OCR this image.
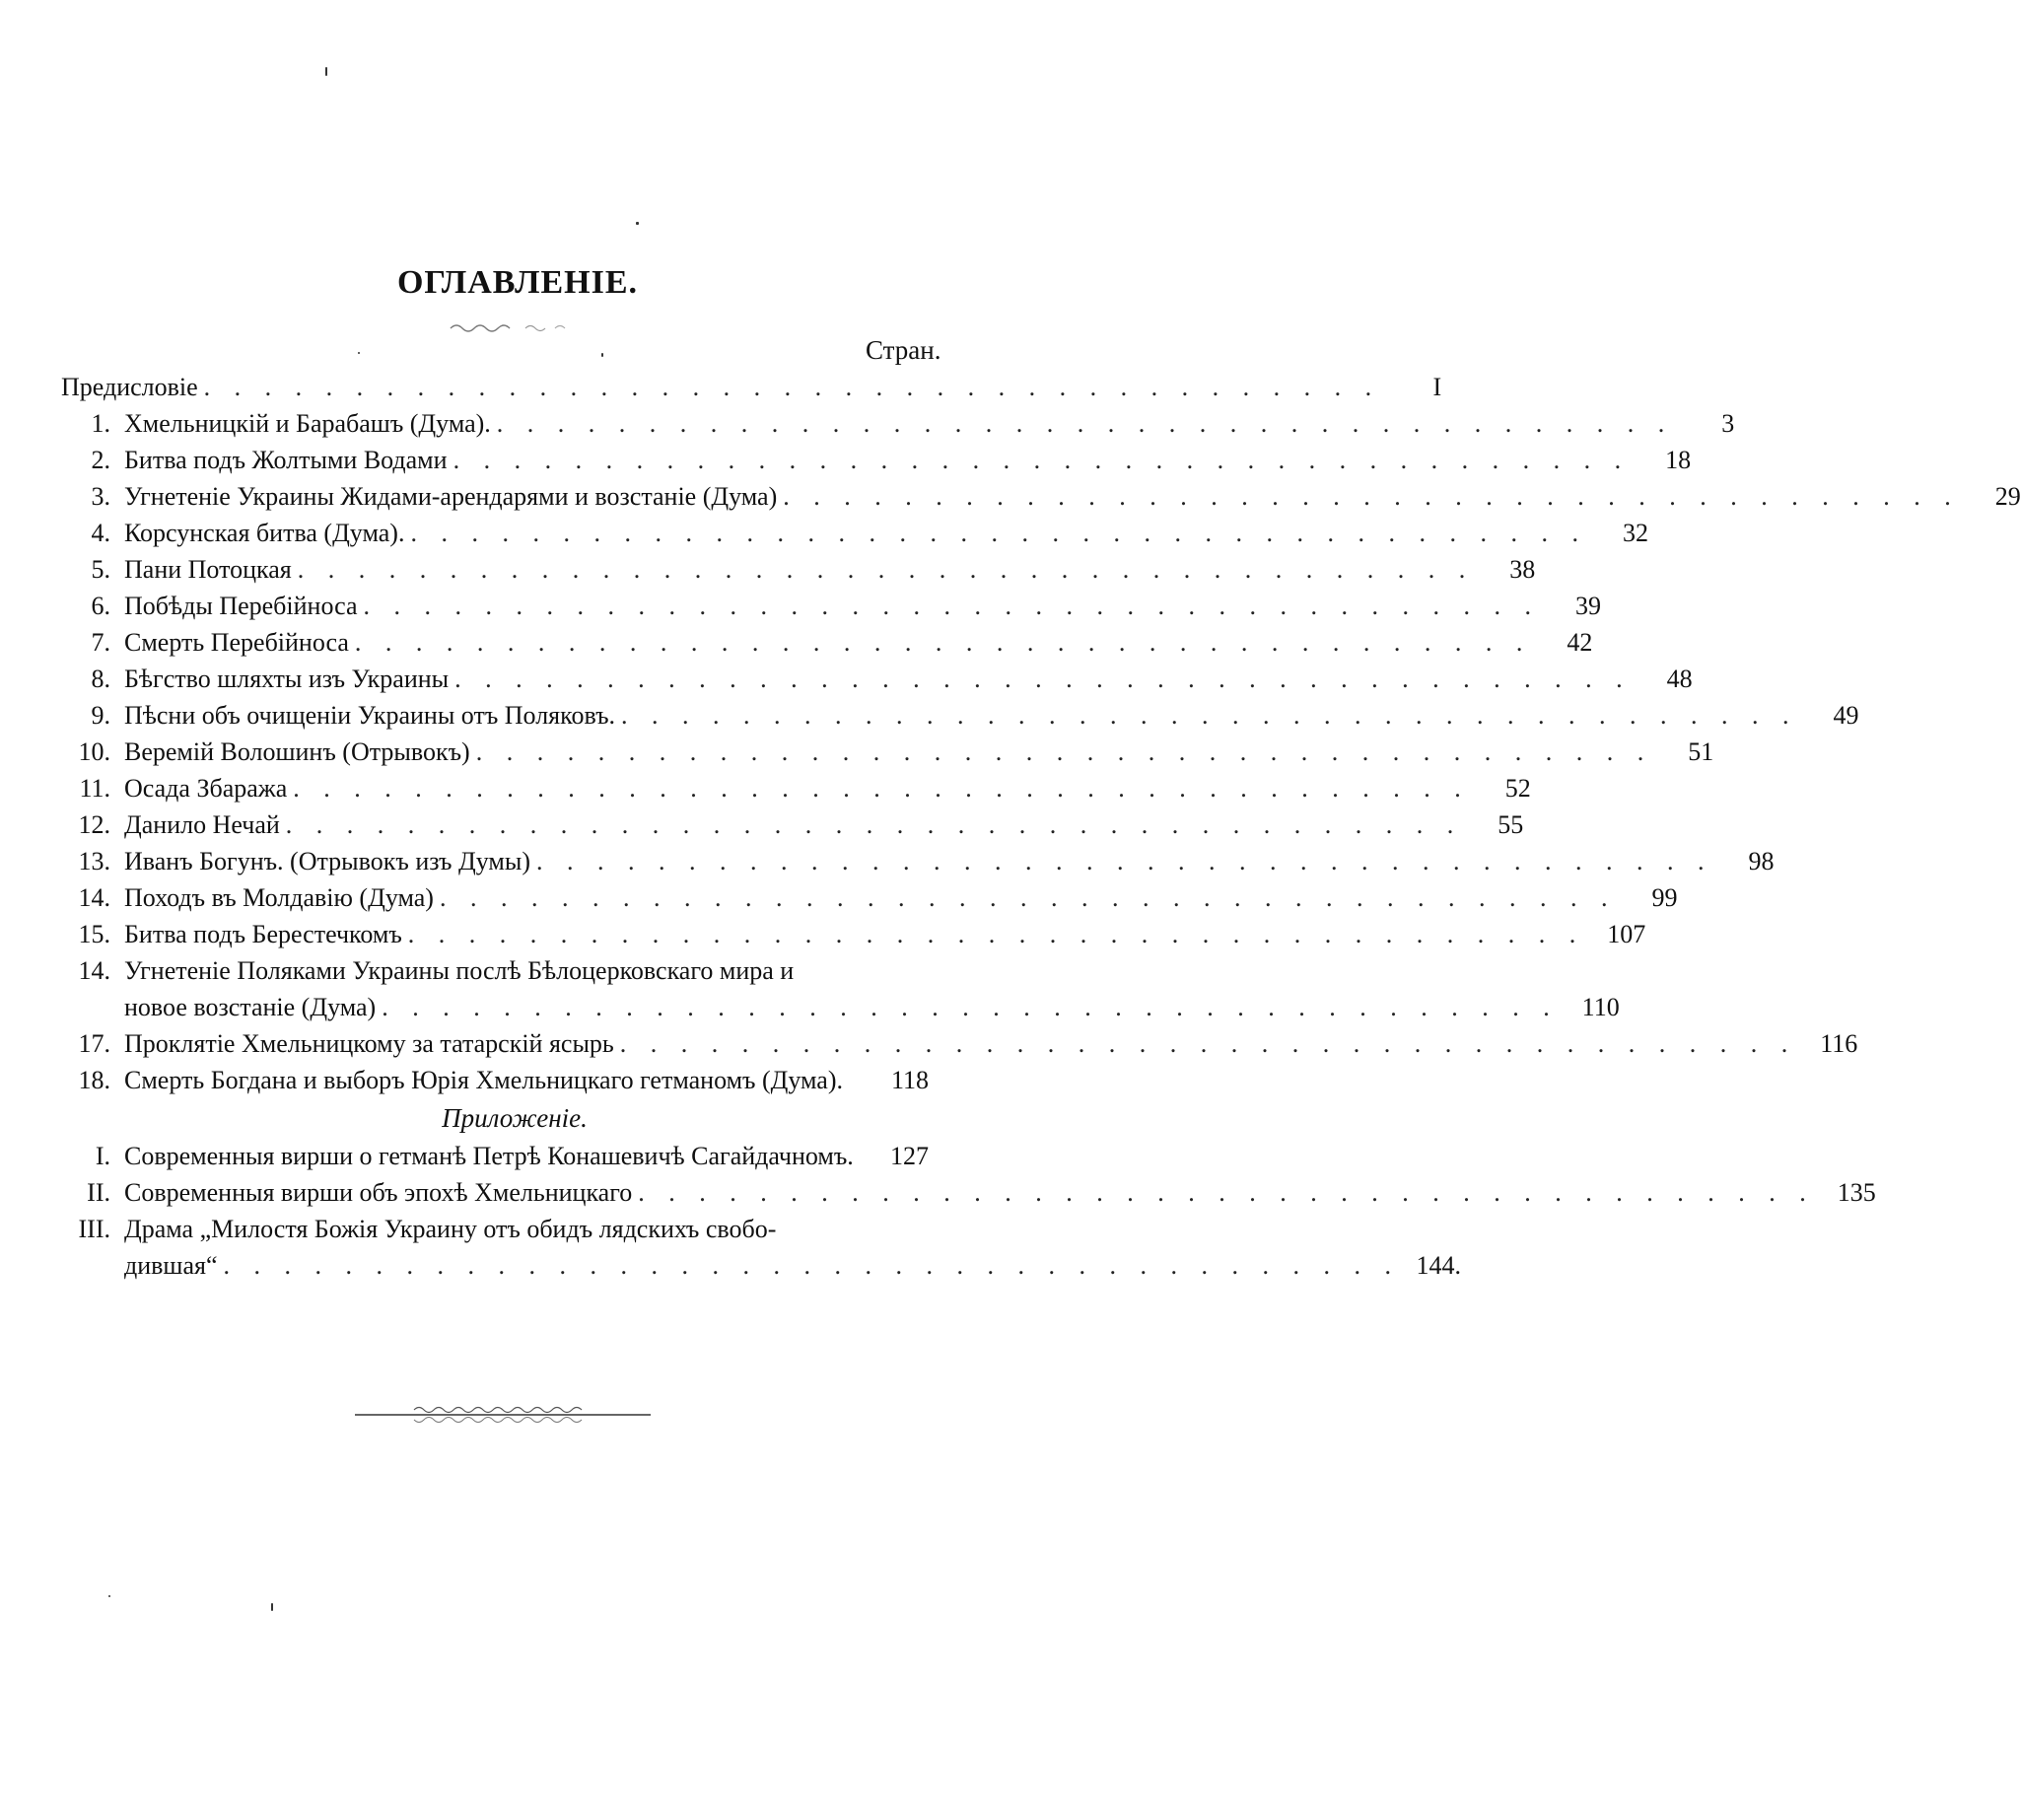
ОГЛАВЛЕНІЕ.
Стран.
Предисловіе . . . . . . . . . . . . . . . . . . . . . . . . . . . . . . . . . . . . . . .	I
1. Хмельницкій и Барабашъ (Дума). . . . . . . . . . . . . . . . . . . . . . . . . . . . . . . . . . . . . . . .	3
2. Битва подъ Жолтыми Водами . . . . . . . . . . . . . . . . . . . . . . . . . . . . . . . . . . . . . . .	18
3. Угнетеніе Украины Жидами-арендарями и возстаніе (Дума) . . . . . . . . . . . . . . . . . . . . . . . . . . . . . . . . . . . . . . .	29
4. Корсунская битва (Дума). . . . . . . . . . . . . . . . . . . . . . . . . . . . . . . . . . . . . . . .	32
5. Пани Потоцкая . . . . . . . . . . . . . . . . . . . . . . . . . . . . . . . . . . . . . . .	38
6. Побѣды Перебійноса . . . . . . . . . . . . . . . . . . . . . . . . . . . . . . . . . . . . . . .	39
7. Смерть Перебійноса . . . . . . . . . . . . . . . . . . . . . . . . . . . . . . . . . . . . . . .	42
8. Бѣгство шляхты изъ Украины . . . . . . . . . . . . . . . . . . . . . . . . . . . . . . . . . . . . . . .	48
9. Пѣсни объ очищеніи Украины отъ Поляковъ. . . . . . . . . . . . . . . . . . . . . . . . . . . . . . . . . . . . . . . .	49
10. Веремій Волошинъ (Отрывокъ) . . . . . . . . . . . . . . . . . . . . . . . . . . . . . . . . . . . . . . .	51
11. Осада Збаража . . . . . . . . . . . . . . . . . . . . . . . . . . . . . . . . . . . . . . .	52
12. Данило Нечай . . . . . . . . . . . . . . . . . . . . . . . . . . . . . . . . . . . . . . .	55
13. Иванъ Богунъ. (Отрывокъ изъ Думы) . . . . . . . . . . . . . . . . . . . . . . . . . . . . . . . . . . . . . . .	98
14. Походъ въ Молдавію (Дума) . . . . . . . . . . . . . . . . . . . . . . . . . . . . . . . . . . . . . . .	99
15. Битва подъ Берестечкомъ . . . . . . . . . . . . . . . . . . . . . . . . . . . . . . . . . . . . . . . 107
14. Угнетеніе Поляками Украины послѣ Бѣлоцерковскаго мира и
новое возстаніе (Дума) . . . . . . . . . . . . . . . . . . . . . . . . . . . . . . . . . . . . . . . 110
17. Проклятіе Хмельницкому за татарскій ясырь . . . . . . . . . . . . . . . . . . . . . . . . . . . . . . . . . . . . . . . 116
18. Смерть Богдана и выборъ Юрія Хмельницкаго гетманомъ (Дума).	118
Приложеніе.
I. Современныя вирши о гетманѣ Петрѣ Конашевичѣ Сагайдачномъ.	127
II. Современныя вирши объ эпохѣ Хмельницкаго . . . . . . . . . . . . . . . . . . . . . . . . . . . . . . . . . . . . . . . 135
III. Драма „Милостя Божія Украину отъ обидъ лядскихъ свобо-
дившая“ . . . . . . . . . . . . . . . . . . . . . . . . . . . . . . . . . . . . . . . 144.
